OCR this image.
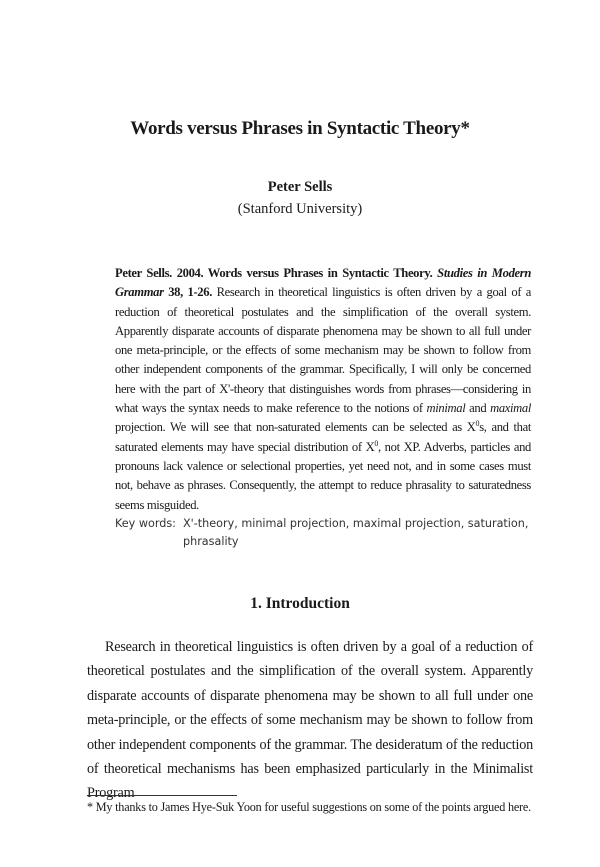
Words versus Phrases in Syntactic Theory*
Peter Sells
(Stanford University)
Peter Sells. 2004. Words versus Phrases in Syntactic Theory. Studies in Modern Grammar 38, 1-26. Research in theoretical linguistics is often driven by a goal of a reduction of theoretical postulates and the simplification of the overall system. Apparently disparate accounts of disparate phenomena may be shown to all full under one meta-principle, or the effects of some mechanism may be shown to follow from other independent components of the grammar. Specifically, I will only be concerned here with the part of X'-theory that distinguishes words from phrases—considering in what ways the syntax needs to make reference to the notions of minimal and maximal projection. We will see that non-saturated elements can be selected as $X^0s$, and that saturated elements may have special distribution of $X^0$, not XP. Adverbs, particles and pronouns lack valence or selectional properties, yet need not, and in some cases must not, behave as phrases. Consequently, the attempt to reduce phrasality to saturatedness seems misguided.
Key words: X'-theory, minimal projection, maximal projection, saturation,
phrasality
1. Introduction
Research in theoretical linguistics is often driven by a goal of a reduction of theoretical postulates and the simplification of the overall system. Apparently disparate accounts of disparate phenomena may be shown to all full under one meta-principle, or the effects of some mechanism may be shown to follow from other independent components of the grammar. The desideratum of the reduction of theoretical mechanisms has been emphasized particularly in the Minimalist Program
* My thanks to James Hye-Suk Yoon for useful suggestions on some of the points argued here.
